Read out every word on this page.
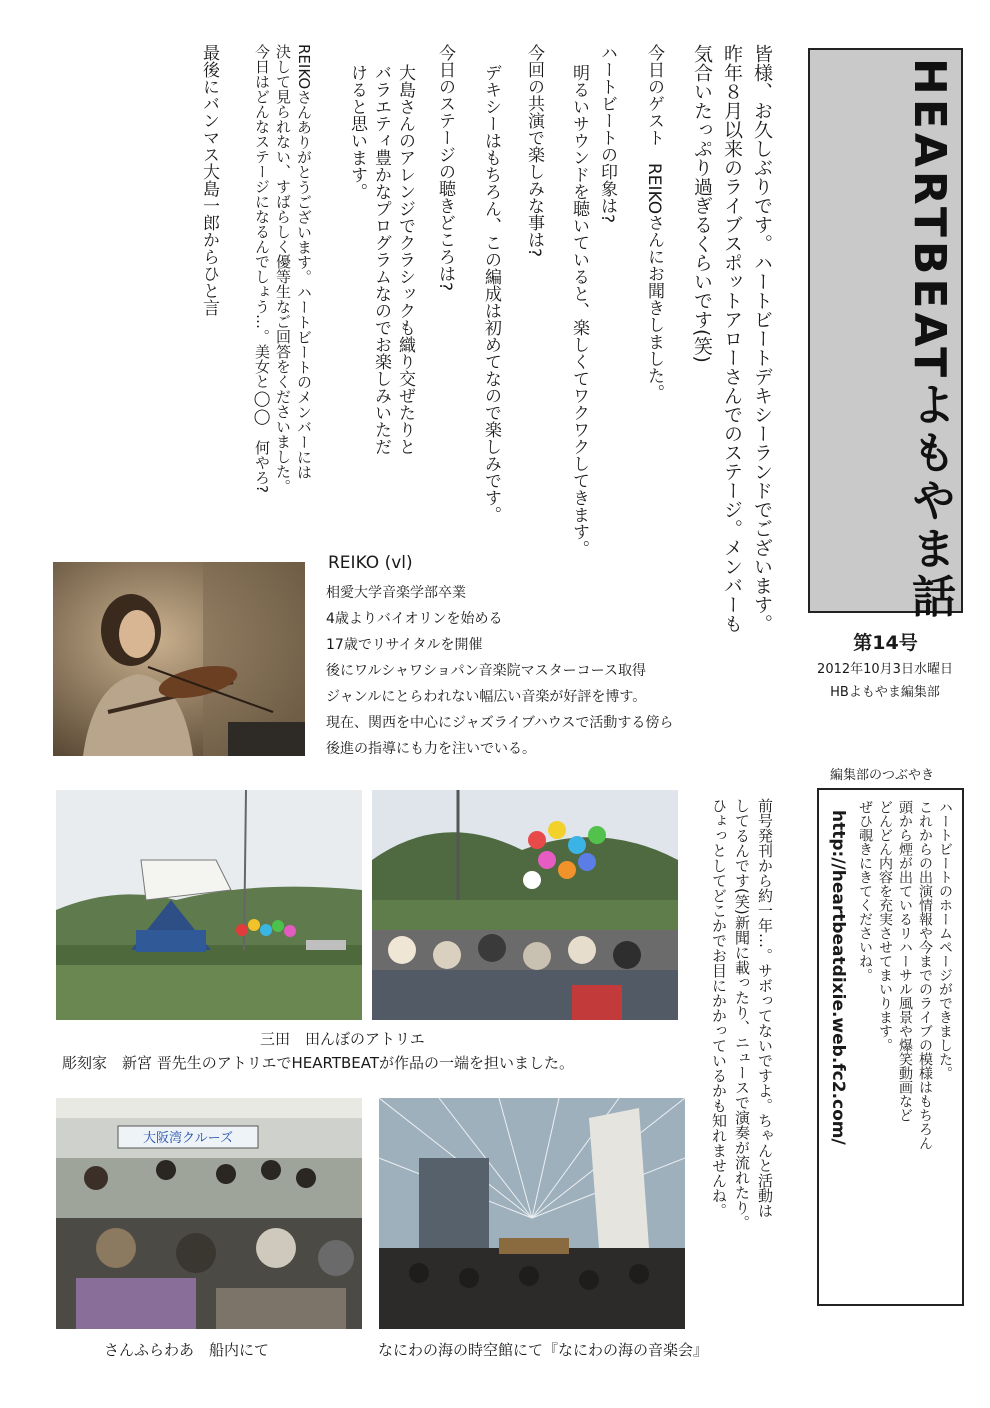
HEARTBEATよもやま話
第14号
2012年10月3日水曜日
HBよもやま編集部
皆様、お久しぶりです。ハートビートデキシーランドでございます。
昨年８月以来のライブスポットアローさんでのステージ。メンバーも
気合いたっぷり過ぎるくらいです(笑)
今日のゲスト　REIKOさんにお聞きしました。
ハートビートの印象は?
明るいサウンドを聴いていると、楽しくてワクワクしてきます。
今回の共演で楽しみな事は?
デキシーはもちろん、この編成は初めてなので楽しみです。
今日のステージの聴きどころは?
大島さんのアレンジでクラシックも織り交ぜたりと
バラエティ豊かなプログラムなのでお楽しみいただ
けると思います。
REIKOさんありがとうございます。ハートビートのメンバーには
決して見られない、すばらしく優等生なご回答をくださいました。
今日はどんなステージになるんでしょう…。美女と◯◯　何やろ?
最後にバンマス大島一郎からひと言
REIKO (vl)
相愛大学音楽学部卒業
4歳よりバイオリンを始める
17歳でリサイタルを開催
後にワルシャワショパン音楽院マスターコース取得
ジャンルにとらわれない幅広い音楽が好評を博す。
現在、関西を中心にジャズライブハウスで活動する傍ら
後進の指導にも力を注いでいる。
三田　田んぼのアトリエ
彫刻家　新宮 晋先生のアトリエでHEARTBEATが作品の一端を担いました。
大阪湾クルーズ
さんふらわあ　船内にて	なにわの海の時空館にて『なにわの海の音楽会』
前号発刊から約一年…。サボってないですよ。ちゃんと活動は
してるんです(笑)新聞に載ったり、ニュースで演奏が流れたり。
ひょっとしてどこかでお目にかかっているかも知れませんね。
編集部のつぶやき
ハートビートのホームページができました。
これからの出演情報や今までのライブの模様はもちろん
頭から煙が出ているリハーサル風景や爆笑動画など
どんどん内容を充実させてまいります。
ぜひ覗きにきてくださいね。
http://heartbeatdixie.web.fc2.com/
